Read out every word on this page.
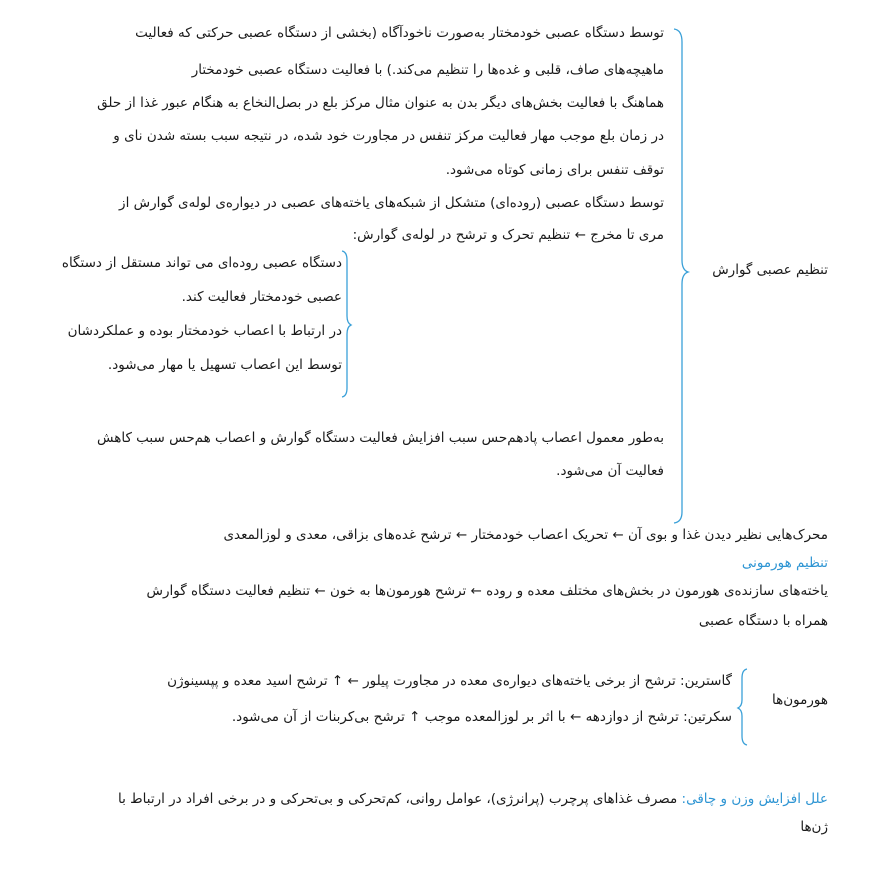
توسط دستگاه عصبی خودمختار به‌صورت ناخودآگاه (بخشی از دستگاه عصبی حرکتی که فعالیت
ماهیچه‌های صاف، قلبی و غده‌ها را تنظیم می‌کند.) با فعالیت دستگاه عصبی خودمختار
هماهنگ با فعالیت بخش‌های دیگر بدن به عنوان مثال مرکز بلع در بصل‌النخاع به هنگام عبور غذا از حلق
در زمان بلع موجب مهار فعالیت مرکز تنفس در مجاورت خود شده، در نتیجه سبب بسته شدن نای و
توقف تنفس برای زمانی کوتاه می‌شود.
توسط دستگاه عصبی (روده‌ای) متشکل از شبکه‌های یاخته‌های عصبی در دیواره‌ی لوله‌ی گوارش از
مری تا مخرج ← تنظیم تحرک و ترشح در لوله‌ی گوارش:
دستگاه عصبی روده‌ای می تواند مستقل از دستگاه
عصبی خودمختار فعالیت کند.
در ارتباط با اعصاب خودمختار بوده و عملکردشان
توسط این اعصاب تسهیل یا مهار می‌شود.
به‌طور معمول اعصاب پادهم‌حس سبب افزایش فعالیت دستگاه گوارش و اعصاب هم‌حس سبب کاهش
فعالیت آن می‌شود.
تنظیم عصبی گوارش
محرک‌هایی نظیر دیدن غذا و بوی آن ← تحریک اعصاب خودمختار ← ترشح غده‌های بزاقی، معدی و لوزالمعدی
تنظیم هورمونی
یاخته‌های سازنده‌ی هورمون در بخش‌های مختلف معده و روده ← ترشح هورمون‌ها به خون ← تنظیم فعالیت دستگاه گوارش
همراه با دستگاه عصبی
هورمون‌ها
گاسترین: ترشح از برخی یاخته‌های دیواره‌ی معده در مجاورت پیلور ← ↑ ترشح اسید معده و پپسینوژن
سکرتین: ترشح از دوازدهه ← با اثر بر لوزالمعده موجب ↑ ترشح بی‌کربنات از آن می‌شود.
علل افزایش وزن و چاقی: مصرف غذاهای پرچرب (پرانرژی)، عوامل روانی، کم‌تحرکی و بی‌تحرکی و در برخی افراد در ارتباط با
ژن‌ها
